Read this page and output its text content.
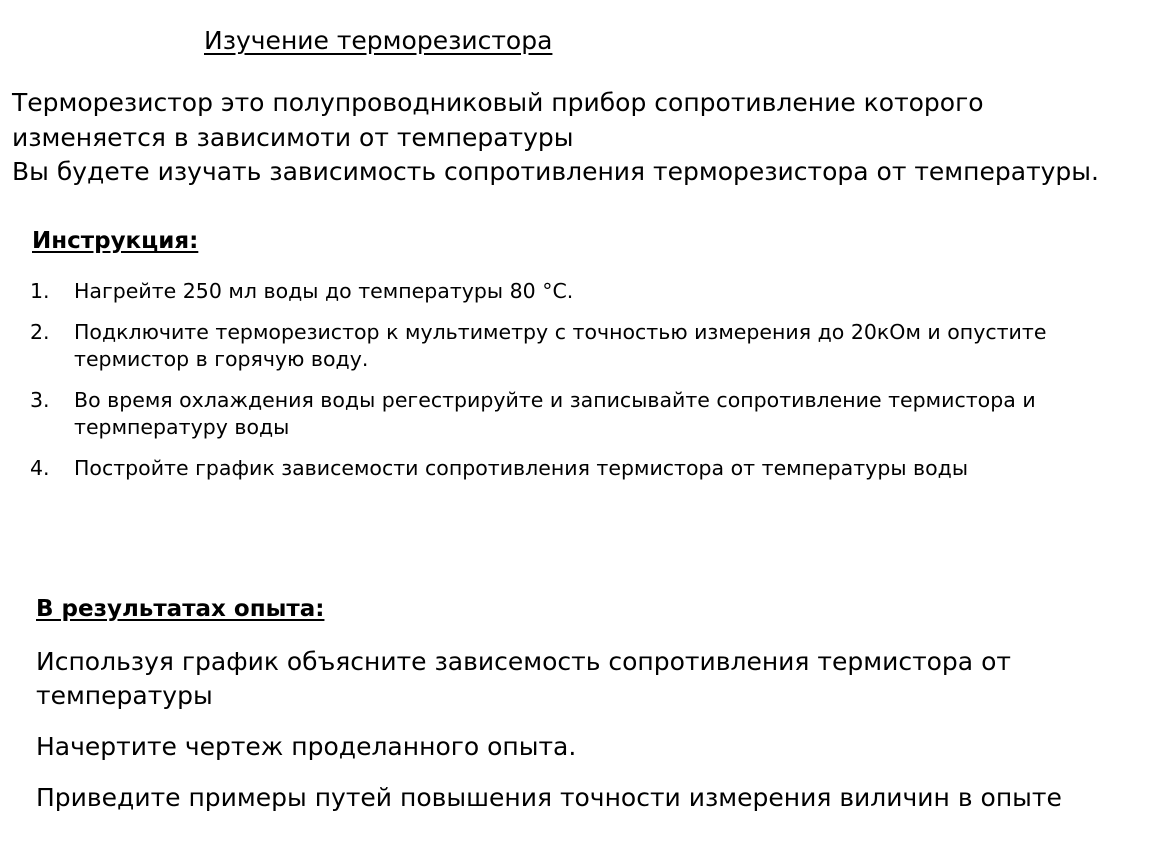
Изучение терморезистора

Терморезистор это полупроводниковый прибор сопротивление которого изменяется в зависимоти от температуры

Вы будете изучать зависимость сопротивления терморезистора от температуры.

Инструкция:
1. Нагрейте 250 мл воды до температуры 80 °С.
2. Подключите терморезистор к мультиметру с точностью измерения до 20кОм и опустите термистор в горячую воду.
3. Во время охлаждения воды регестрируйте и записывайте сопротивление термистора и термпературу воды
4. Постройте график зависемости сопротивления термистора от температуры воды
В результатах опыта:

Используя график объясните зависемость сопротивления термистора от температуры

Начертите чертеж проделанного опыта.

Приведите примеры путей повышения точности измерения виличин в опыте
